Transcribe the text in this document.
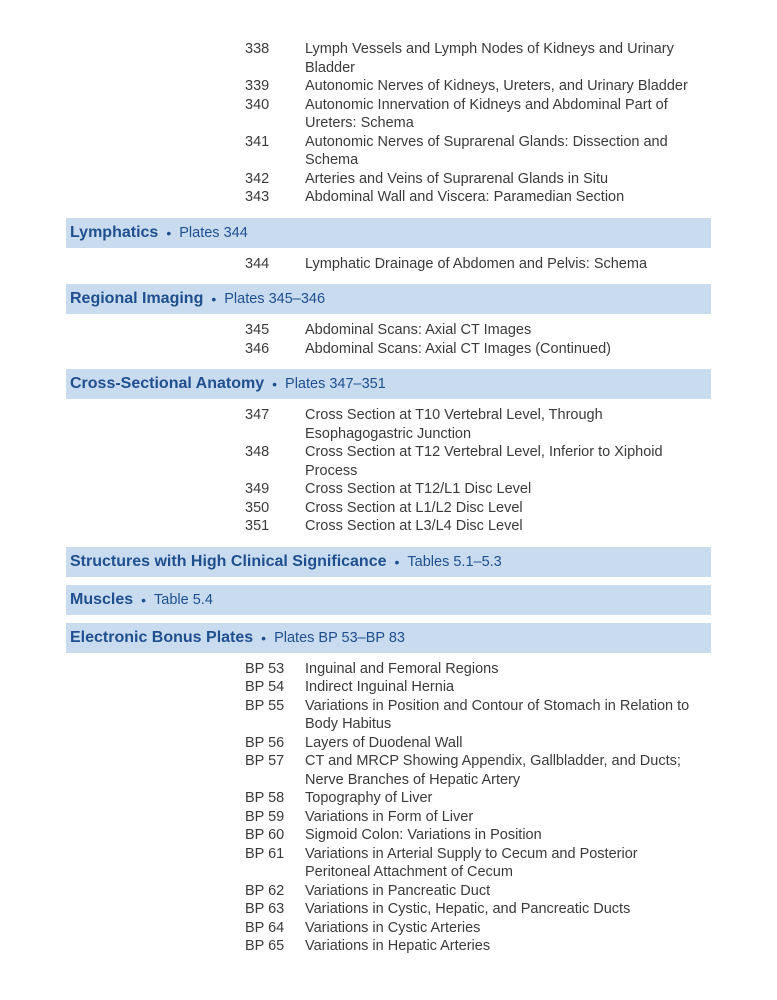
338	Lymph Vessels and Lymph Nodes of Kidneys and Urinary Bladder
339	Autonomic Nerves of Kidneys, Ureters, and Urinary Bladder
340	Autonomic Innervation of Kidneys and Abdominal Part of Ureters: Schema
341	Autonomic Nerves of Suprarenal Glands: Dissection and Schema
342	Arteries and Veins of Suprarenal Glands in Situ
343	Abdominal Wall and Viscera: Paramedian Section
Lymphatics • Plates 344
344	Lymphatic Drainage of Abdomen and Pelvis: Schema
Regional Imaging • Plates 345–346
345	Abdominal Scans: Axial CT Images
346	Abdominal Scans: Axial CT Images (Continued)
Cross-Sectional Anatomy • Plates 347–351
347	Cross Section at T10 Vertebral Level, Through Esophagogastric Junction
348	Cross Section at T12 Vertebral Level, Inferior to Xiphoid Process
349	Cross Section at T12/L1 Disc Level
350	Cross Section at L1/L2 Disc Level
351	Cross Section at L3/L4 Disc Level
Structures with High Clinical Significance • Tables 5.1–5.3
Muscles • Table 5.4
Electronic Bonus Plates • Plates BP 53–BP 83
BP 53	Inguinal and Femoral Regions
BP 54	Indirect Inguinal Hernia
BP 55	Variations in Position and Contour of Stomach in Relation to Body Habitus
BP 56	Layers of Duodenal Wall
BP 57	CT and MRCP Showing Appendix, Gallbladder, and Ducts; Nerve Branches of Hepatic Artery
BP 58	Topography of Liver
BP 59	Variations in Form of Liver
BP 60	Sigmoid Colon: Variations in Position
BP 61	Variations in Arterial Supply to Cecum and Posterior Peritoneal Attachment of Cecum
BP 62	Variations in Pancreatic Duct
BP 63	Variations in Cystic, Hepatic, and Pancreatic Ducts
BP 64	Variations in Cystic Arteries
BP 65	Variations in Hepatic Arteries
